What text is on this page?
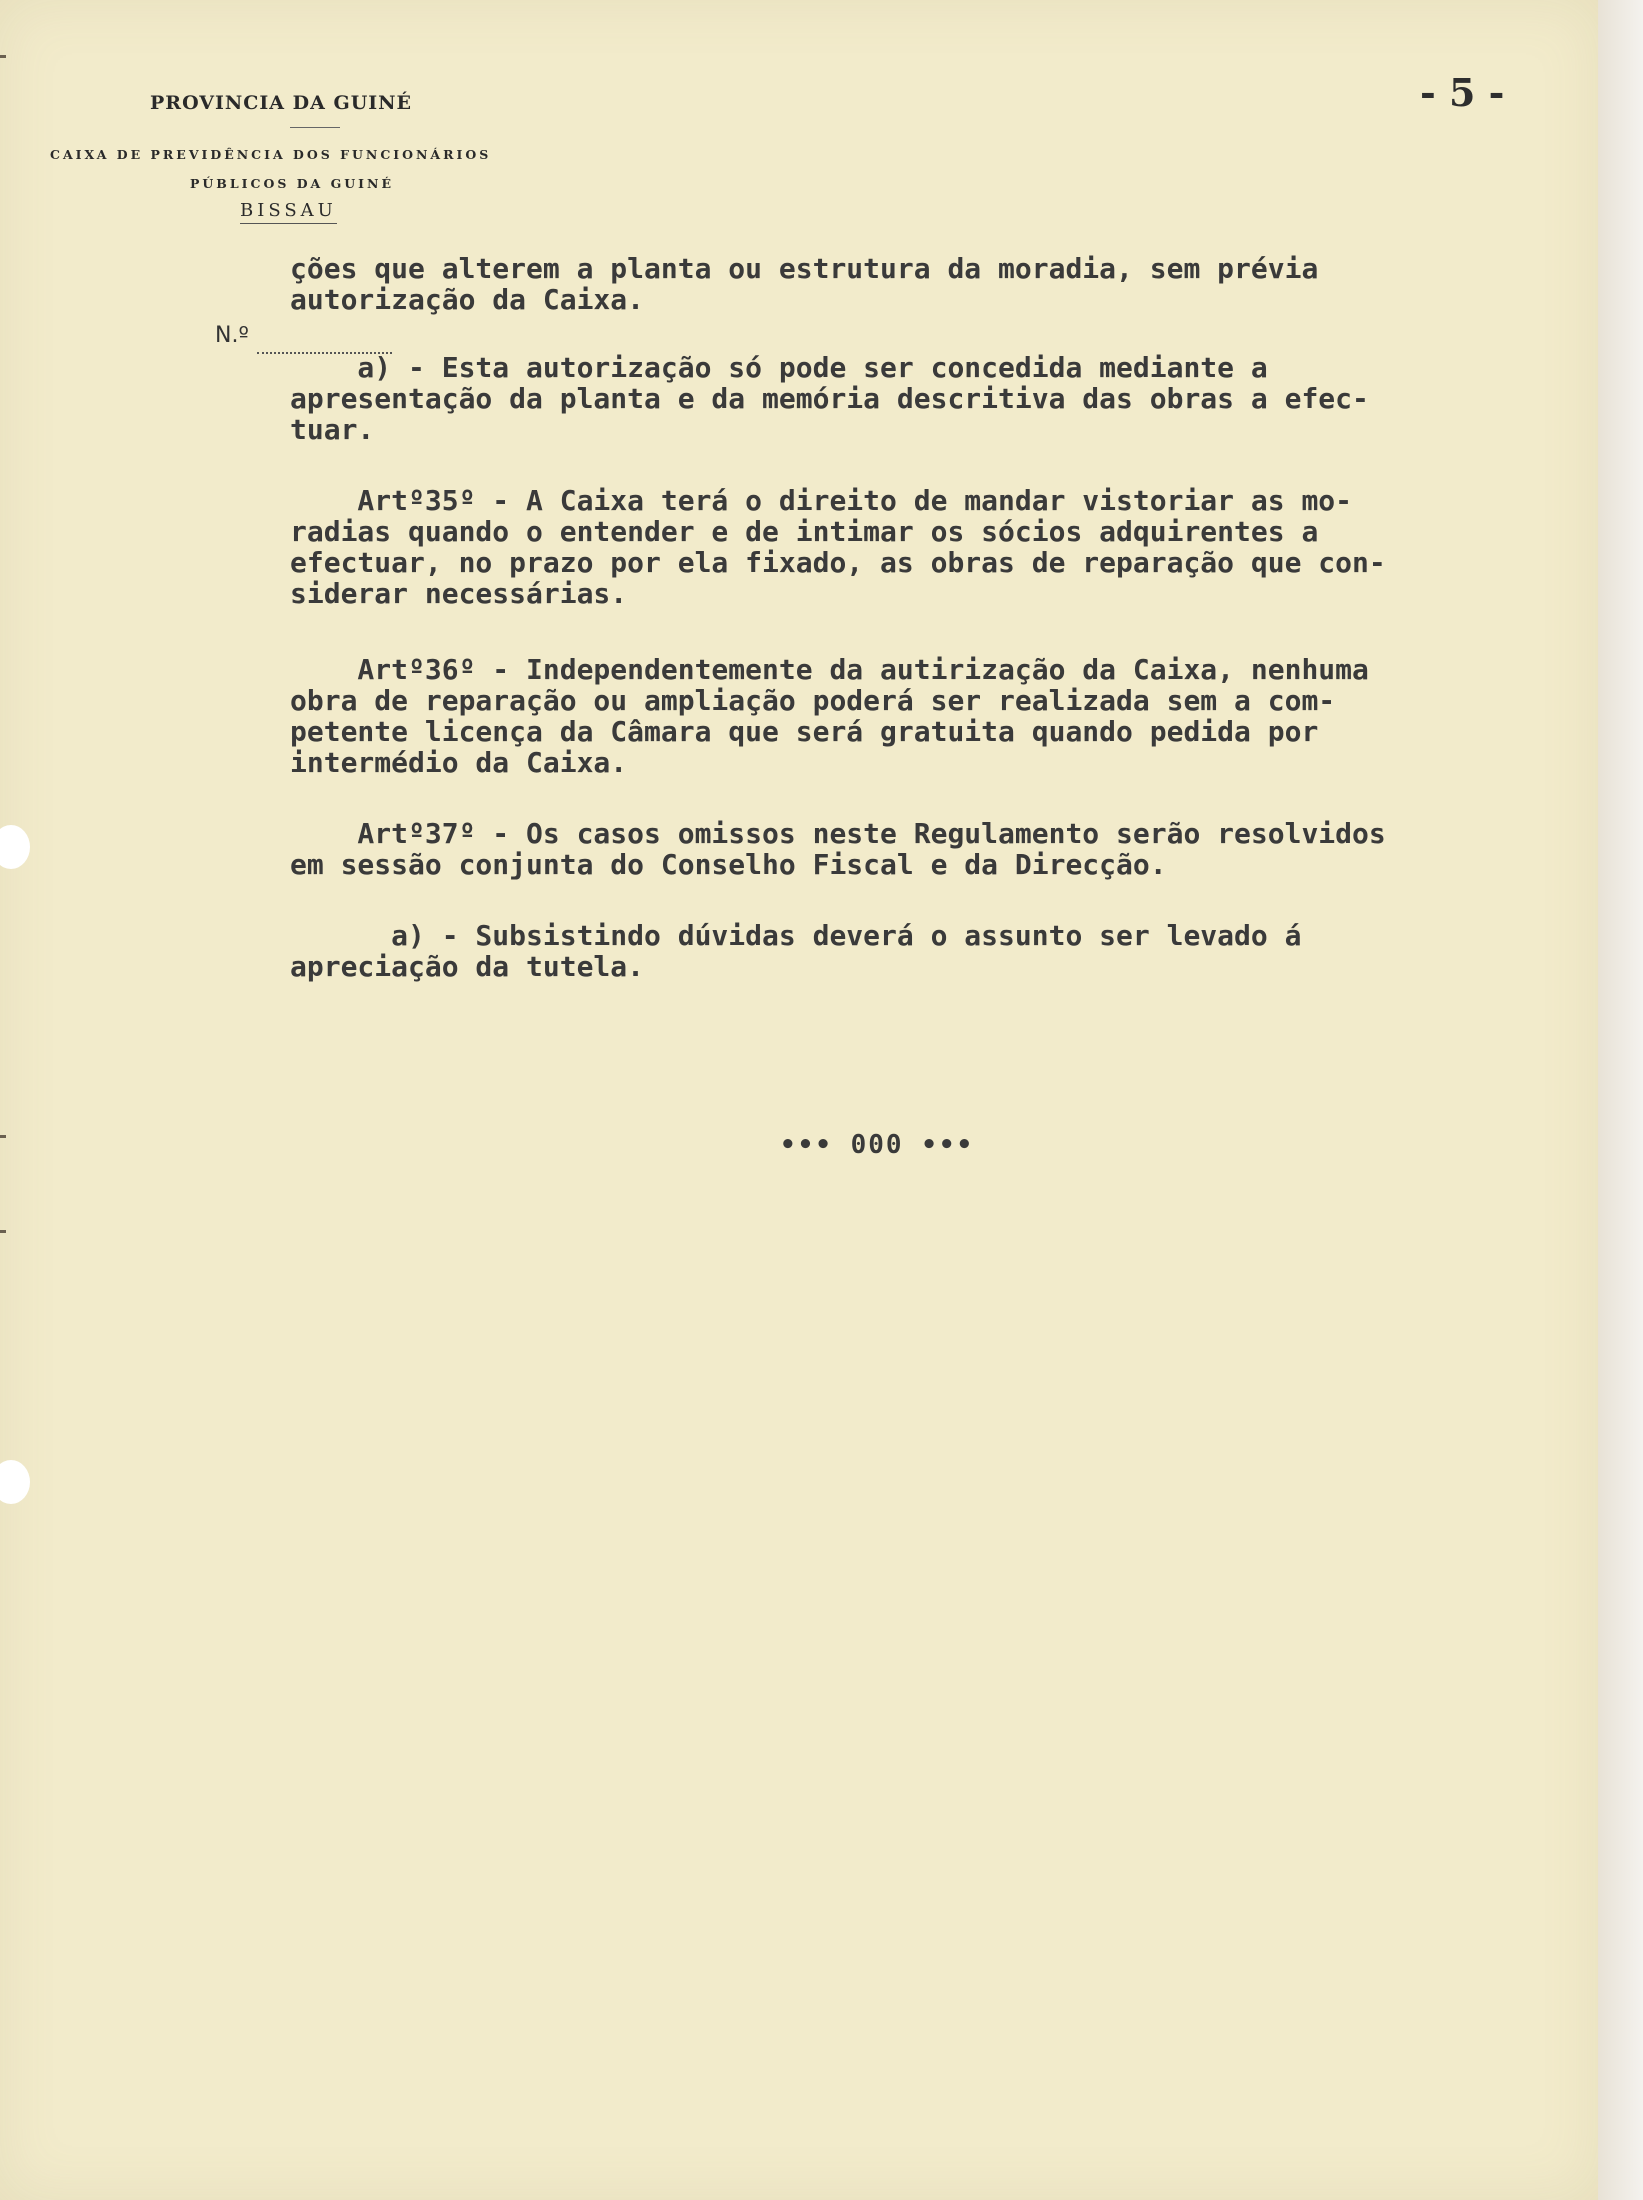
PROVINCIA DA GUINÉ
CAIXA DE PREVIDÊNCIA DOS FUNCIONÁRIOS
PÚBLICOS DA GUINÉ
BISSAU
- 5 -
N.º
ções que alterem a planta ou estrutura da moradia, sem prévia
autorização da Caixa.
a) - Esta autorização só pode ser concedida mediante a
apresentação da planta e da memória descritiva das obras a efec-
tuar.
Artº35º - A Caixa terá o direito de mandar vistoriar as mo-
radias quando o entender e de intimar os sócios adquirentes a
efectuar, no prazo por ela fixado, as obras de reparação que con-
siderar necessárias.
Artº36º - Independentemente da autirização da Caixa, nenhuma
obra de reparação ou ampliação poderá ser realizada sem a com-
petente licença da Câmara que será gratuita quando pedida por
intermédio da Caixa.
Artº37º - Os casos omissos neste Regulamento serão resolvidos
em sessão conjunta do Conselho Fiscal e da Direcção.
a) - Subsistindo dúvidas deverá o assunto ser levado á
apreciação da tutela.
••• 000 •••
